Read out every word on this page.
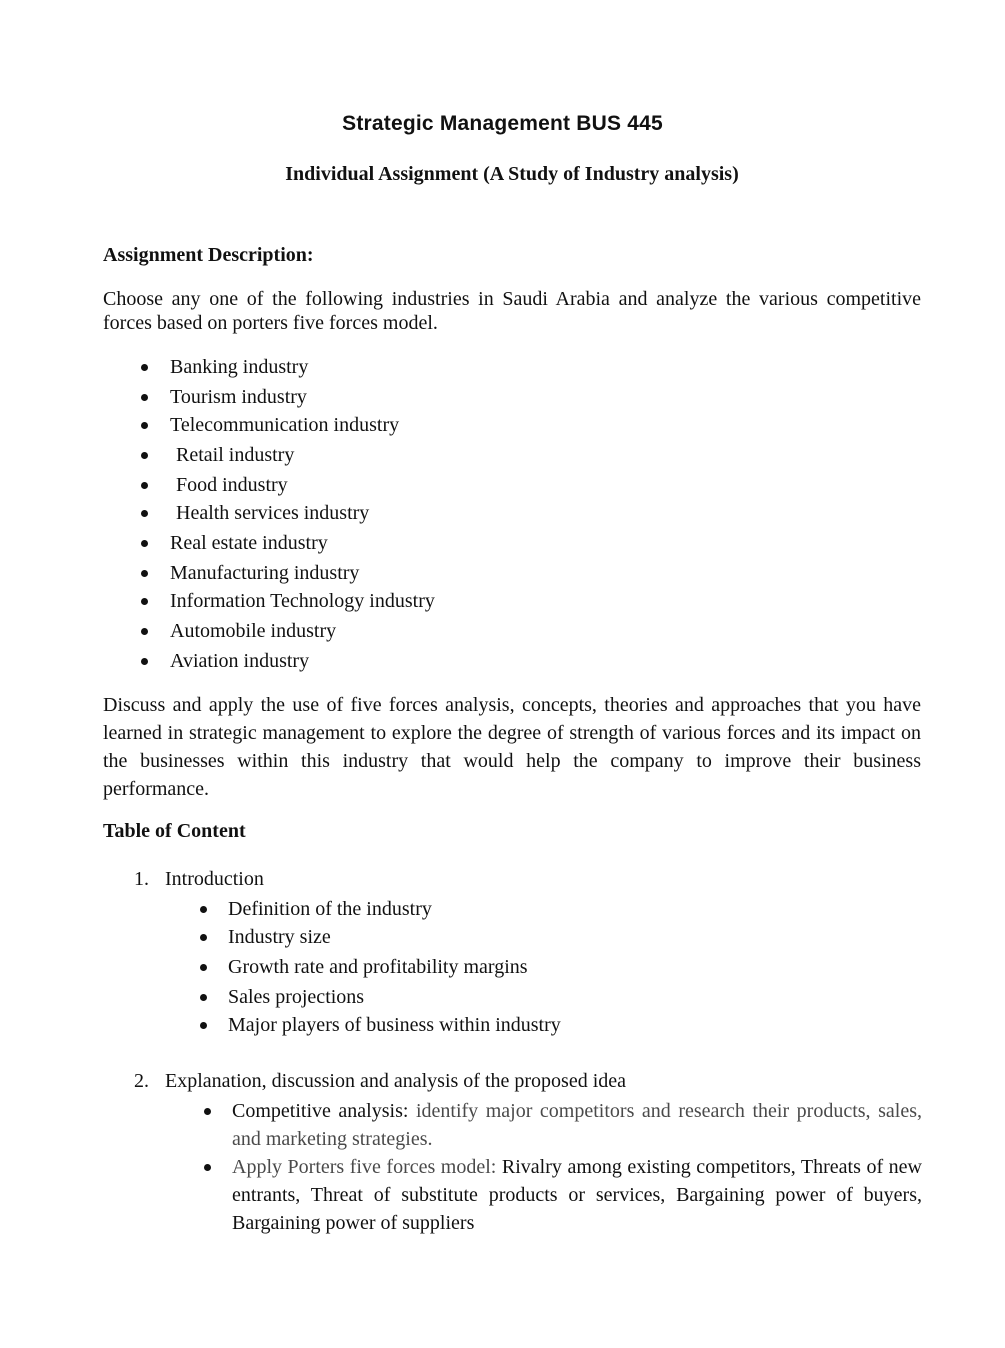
Strategic Management BUS 445
Individual Assignment (A Study of Industry analysis)
Assignment Description:
Choose any one of the following industries in Saudi Arabia and analyze the various competitive forces based on porters five forces model.
Banking industry
Tourism industry
Telecommunication industry
Retail industry
Food industry
Health services industry
Real estate industry
Manufacturing industry
Information Technology industry
Automobile industry
Aviation industry
Discuss and apply the use of five forces analysis, concepts, theories and approaches that you have learned in strategic management to explore the degree of strength of various forces and its impact on the businesses within this industry that would help the company to improve their business performance.
Table of Content
1. Introduction
Definition of the industry
Industry size
Growth rate and profitability margins
Sales projections
Major players of business within industry
2. Explanation, discussion and analysis of the proposed idea
Competitive analysis: identify major competitors and research their products, sales, and marketing strategies.
Apply Porters five forces model: Rivalry among existing competitors, Threats of new entrants, Threat of substitute products or services, Bargaining power of buyers, Bargaining power of suppliers
